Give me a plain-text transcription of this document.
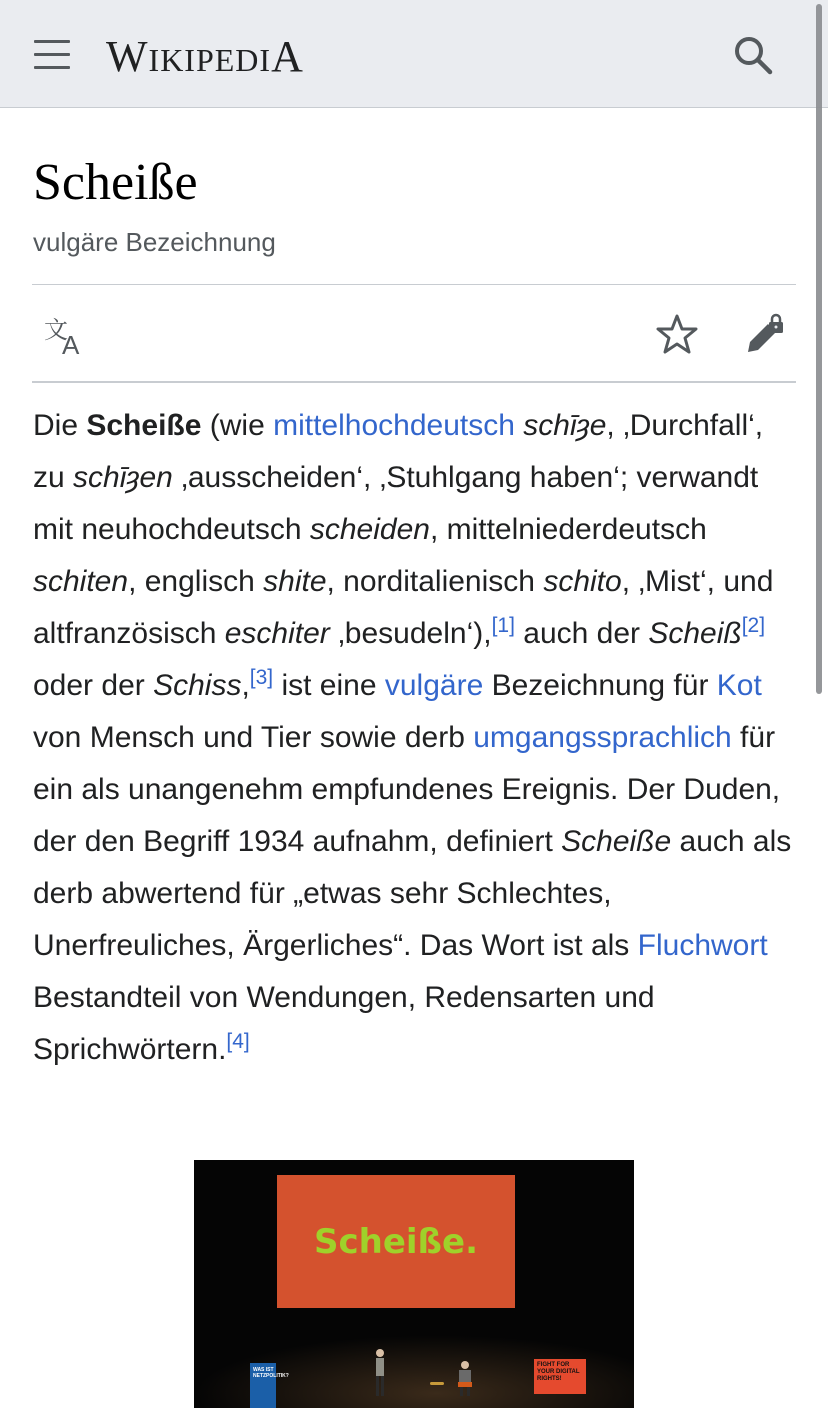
WIKIPEDIA
Scheiße
vulgäre Bezeichnung
文
A

Die Scheiße (wie mittelhochdeutsch schīȝe, ‚Durchfall‘, zu schīȝen ‚ausscheiden‘, ‚Stuhlgang haben‘; verwandt mit neuhochdeutsch scheiden, mittelniederdeutsch schiten, englisch shite, norditalienisch schito, ‚Mist‘, und altfranzösisch eschiter ‚besudeln‘),[1] auch der Scheiß[2] oder der Schiss,[3] ist eine vulgäre Bezeichnung für Kot von Mensch und Tier sowie derb umgangssprachlich für ein als unangenehm empfundenes Ereignis. Der Duden, der den Begriff 1934 aufnahm, definiert Scheiße auch als derb abwertend für „etwas sehr Schlechtes, Unerfreuliches, Ärgerliches“. Das Wort ist als Fluchwort Bestandteil von Wendungen, Redensarten und Sprichwörtern.[4]

Scheiße.
WAS IST NETZPOLITIK?
FIGHT FOR YOUR DIGITAL RIGHTS!
